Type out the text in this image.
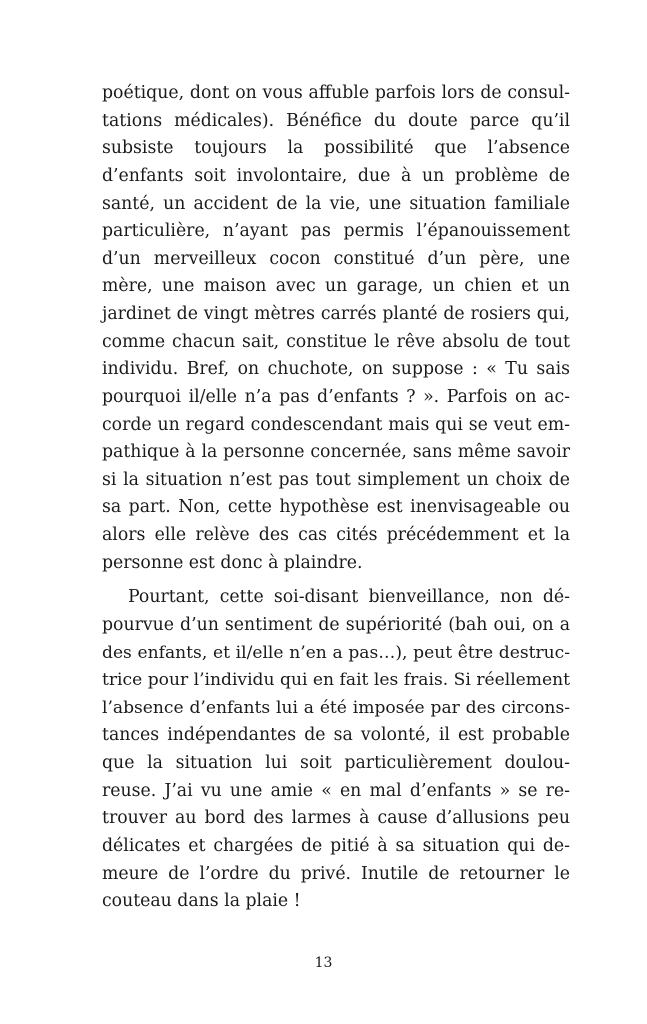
poétique, dont on vous affuble parfois lors de consul-
tations médicales). Bénéfice du doute parce qu’il
subsiste toujours la possibilité que l’absence
d’enfants soit involontaire, due à un problème de
santé, un accident de la vie, une situation familiale
particulière, n’ayant pas permis l’épanouissement
d’un merveilleux cocon constitué d’un père, une
mère, une maison avec un garage, un chien et un
jardinet de vingt mètres carrés planté de rosiers qui,
comme chacun sait, constitue le rêve absolu de tout
individu. Bref, on chuchote, on suppose : « Tu sais
pourquoi il/elle n’a pas d’enfants ? ». Parfois on ac-
corde un regard condescendant mais qui se veut em-
pathique à la personne concernée, sans même savoir
si la situation n’est pas tout simplement un choix de
sa part. Non, cette hypothèse est inenvisageable ou
alors elle relève des cas cités précédemment et la
personne est donc à plaindre.
Pourtant, cette soi-disant bienveillance, non dé-
pourvue d’un sentiment de supériorité (bah oui, on a
des enfants, et il/elle n’en a pas…), peut être destruc-
trice pour l’individu qui en fait les frais. Si réellement
l’absence d’enfants lui a été imposée par des circons-
tances indépendantes de sa volonté, il est probable
que la situation lui soit particulièrement doulou-
reuse. J’ai vu une amie « en mal d’enfants » se re-
trouver au bord des larmes à cause d’allusions peu
délicates et chargées de pitié à sa situation qui de-
meure de l’ordre du privé. Inutile de retourner le
couteau dans la plaie !
13
